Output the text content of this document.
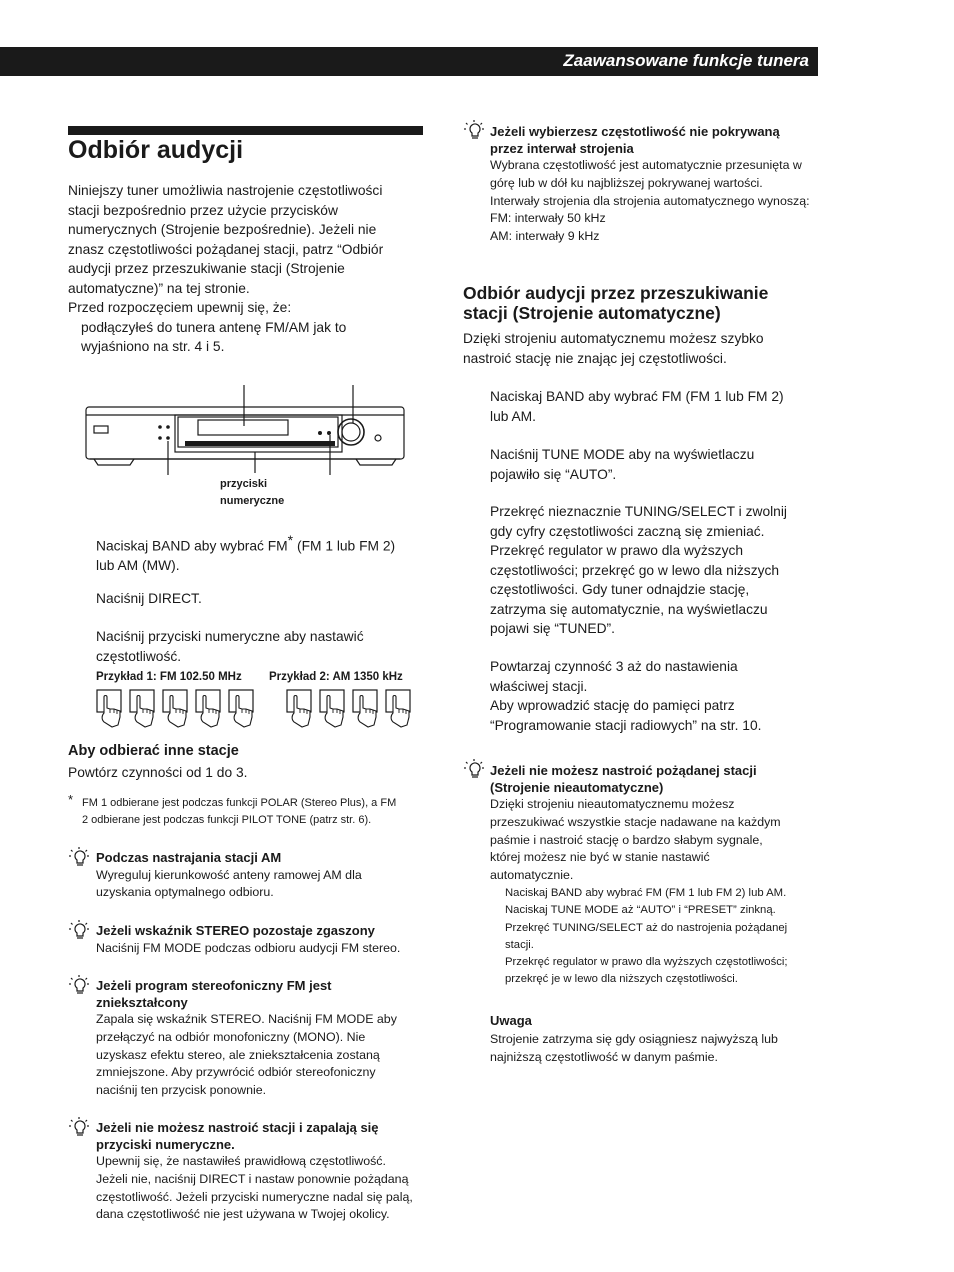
Zaawansowane funkcje tunera
Odbiór audycji
Niniejszy tuner umożliwia nastrojenie częstotliwości
stacji bezpośrednio przez użycie przycisków
numerycznych (Strojenie bezpośrednie). Jeżeli nie
znasz częstotliwości pożądanej stacji, patrz “Odbiór
audycji przez przeszukiwanie stacji (Strojenie
automatyczne)” na tej stronie.
Przed rozpoczęciem upewnij się, że:
podłączyłeś do tunera antenę FM/AM jak to
wyjaśniono na str. 4 i 5.
przyciski
numeryczne
Naciskaj BAND aby wybrać FM* (FM 1 lub FM 2)
lub AM (MW).
Naciśnij DIRECT.
Naciśnij przyciski numeryczne aby nastawić
częstotliwość.
Przykład 1: FM 102.50 MHz Przykład 2: AM 1350 kHz
Aby odbierać inne stacje
Powtórz czynności od 1 do 3.
* FM 1 odbierane jest podczas funkcji POLAR (Stereo Plus), a FM
2 odbierane jest podczas funkcji PILOT TONE (patrz str. 6).
Podczas nastrajania stacji AM
Wyreguluj kierunkowość anteny ramowej AM dla
uzyskania optymalnego odbioru.
Jeżeli wskaźnik STEREO pozostaje zgaszony
Naciśnij FM MODE podczas odbioru audycji FM stereo.
Jeżeli program stereofoniczny FM jest
zniekształcony
Zapala się wskaźnik STEREO. Naciśnij FM MODE aby
przełączyć na odbiór monofoniczny (MONO). Nie
uzyskasz efektu stereo, ale zniekształcenia zostaną
zmniejszone. Aby przywrócić odbiór stereofoniczny
naciśnij ten przycisk ponownie.
Jeżeli nie możesz nastroić stacji i zapalają się
przyciski numeryczne.
Upewnij się, że nastawiłeś prawidłową częstotliwość.
Jeżeli nie, naciśnij DIRECT i nastaw ponownie pożądaną
częstotliwość. Jeżeli przyciski numeryczne nadal się palą,
dana częstotliwość nie jest używana w Twojej okolicy.
Jeżeli wybierzesz częstotliwość nie pokrywaną
przez interwał strojenia
Wybrana częstotliwość jest automatycznie przesunięta w
górę lub w dół ku najbliższej pokrywanej wartości.
Interwały strojenia dla strojenia automatycznego wynoszą:
FM: interwały 50 kHz
AM: interwały 9 kHz
Odbiór audycji przez przeszukiwanie
stacji (Strojenie automatyczne)
Dzięki strojeniu automatycznemu możesz szybko
nastroić stację nie znając jej częstotliwości.
Naciskaj BAND aby wybrać FM (FM 1 lub FM 2)
lub AM.
Naciśnij TUNE MODE aby na wyświetlaczu
pojawiło się “AUTO”.
Przekręć nieznacznie TUNING/SELECT i zwolnij
gdy cyfry częstotliwości zaczną się zmieniać.
Przekręć regulator w prawo dla wyższych
częstotliwości; przekręć go w lewo dla niższych
częstotliwości. Gdy tuner odnajdzie stację,
zatrzyma się automatycznie, na wyświetlaczu
pojawi się “TUNED”.
Powtarzaj czynność 3 aż do nastawienia
właściwej stacji.
Aby wprowadzić stację do pamięci patrz
“Programowanie stacji radiowych” na str. 10.
Jeżeli nie możesz nastroić pożądanej stacji
(Strojenie nieautomatyczne)
Dzięki strojeniu nieautomatycznemu możesz
przeszukiwać wszystkie stacje nadawane na każdym
paśmie i nastroić stację o bardzo słabym sygnale,
której możesz nie być w stanie nastawić
automatycznie.
Naciskaj BAND aby wybrać FM (FM 1 lub FM 2) lub AM.
Naciskaj TUNE MODE aż “AUTO” i “PRESET” zinkną.
Przekręć TUNING/SELECT aż do nastrojenia pożądanej
stacji.
Przekręć regulator w prawo dla wyższych częstotliwości;
przekręć je w lewo dla niższych częstotliwości.
Uwaga
Strojenie zatrzyma się gdy osiągniesz najwyższą lub
najniższą częstotliwość w danym paśmie.
